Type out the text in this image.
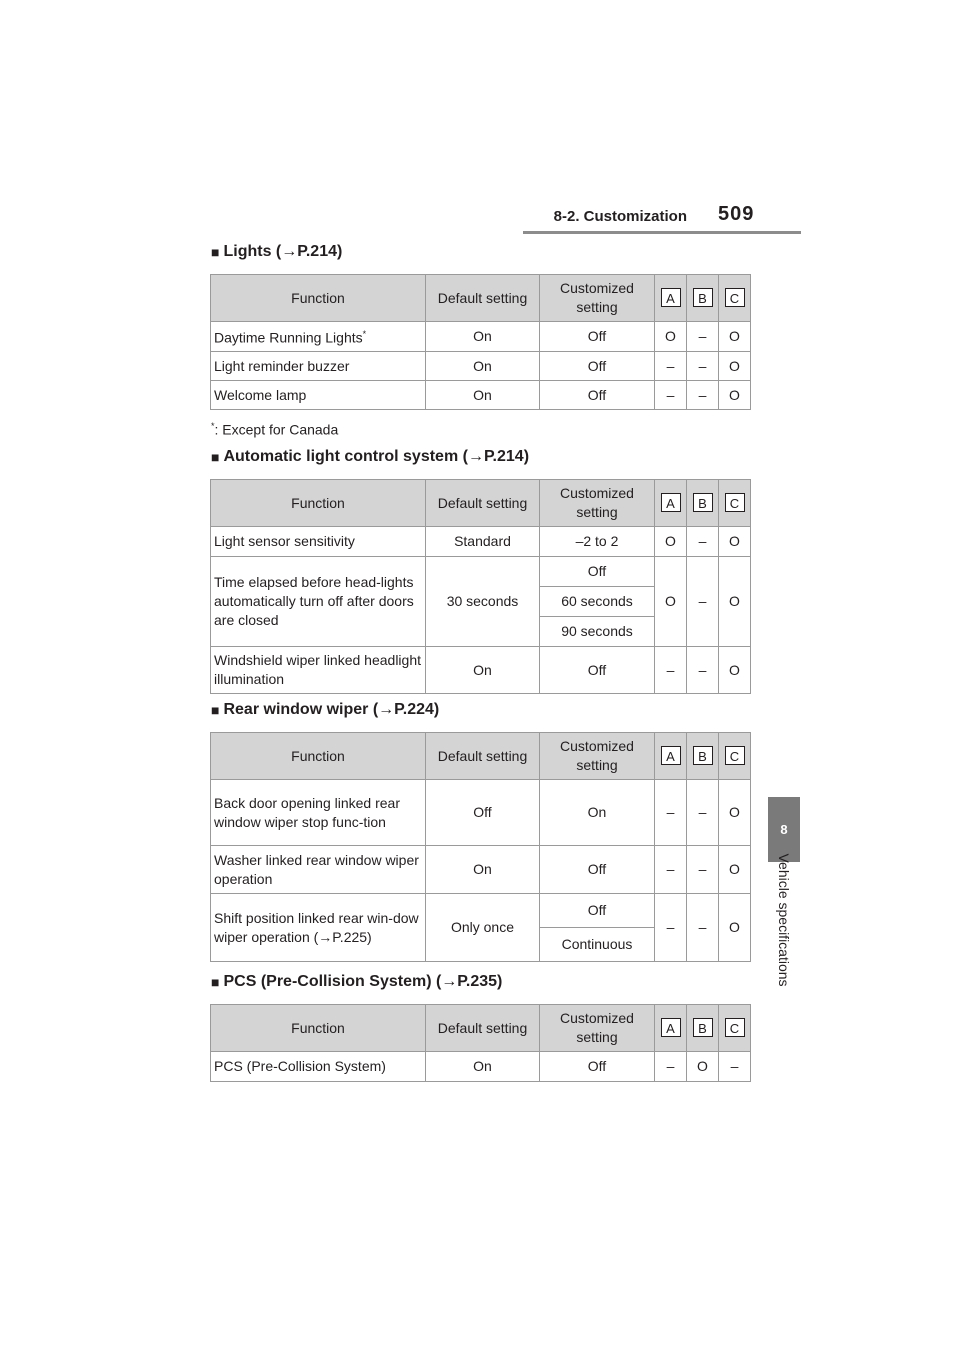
8-2. Customization 509
8
Vehicle specifications
■ Lights (→P.214)
Function	Default setting	Customized setting	A	B	C
Daytime Running Lights*	On	Off	O	–	O
Light reminder buzzer	On	Off	–	–	O
Welcome lamp	On	Off	–	–	O
*: Except for Canada
■ Automatic light control system (→P.214)
Function	Default setting	Customized setting	A	B	C
Light sensor sensitivity	Standard	–2 to 2	O	–	O
Time elapsed before head-lights automatically turn off after doors are closed	30 seconds	Off	O	–	O
		60 seconds			
		90 seconds			
Windshield wiper linked headlight illumination	On	Off	–	–	O
■ Rear window wiper (→P.224)
Function	Default setting	Customized setting	A	B	C
Back door opening linked rear window wiper stop func-tion	Off	On	–	–	O
Washer linked rear window wiper operation	On	Off	–	–	O
Shift position linked rear win-dow wiper operation (→P.225)	Only once	Off	–	–	O
		Continuous			
■ PCS (Pre-Collision System) (→P.235)
Function	Default setting	Customized setting	A	B	C
PCS (Pre-Collision System)	On	Off	–	O	–
